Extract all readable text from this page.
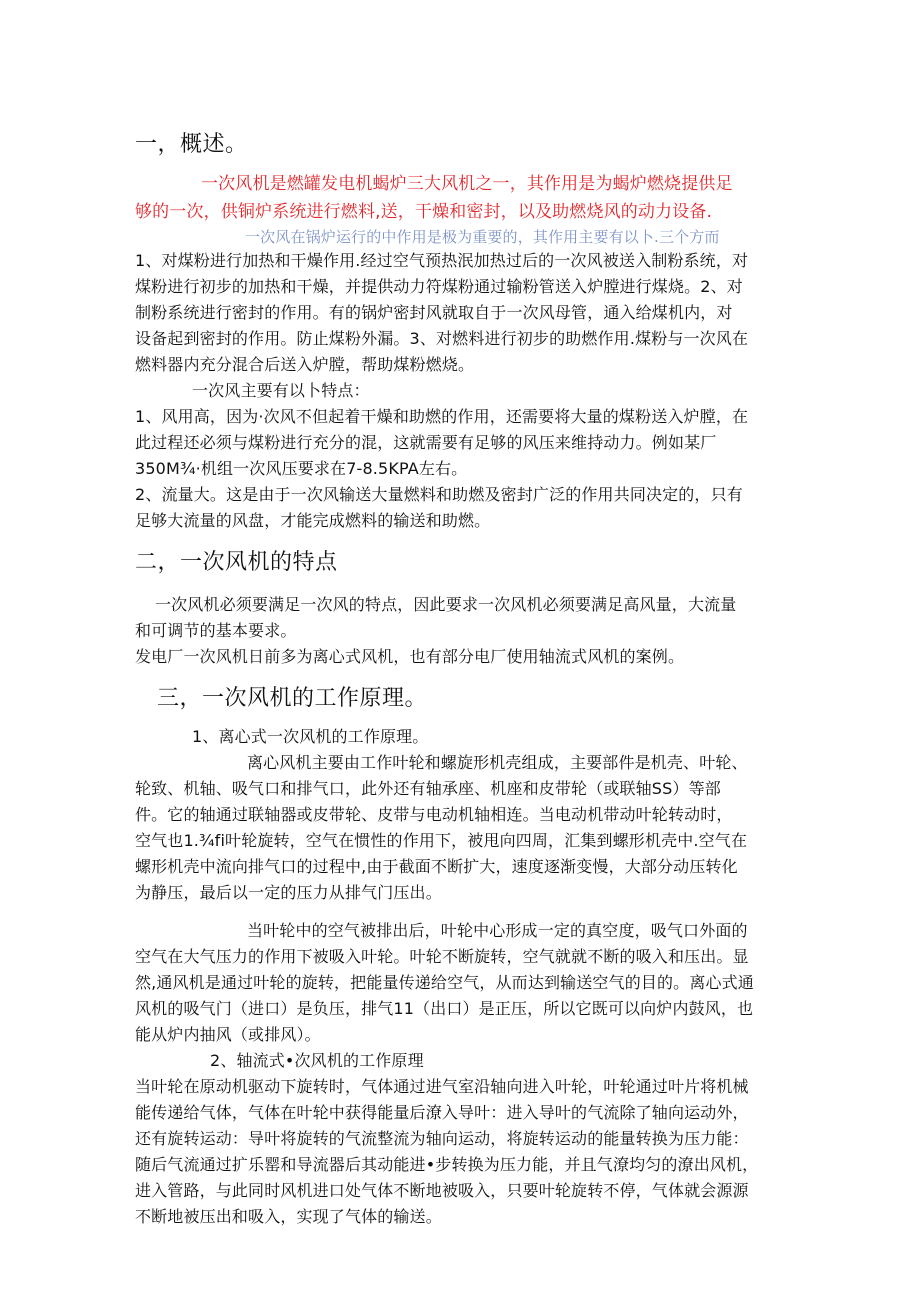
一，概述。
一次风机是燃罐发电机蝎炉三大风机之一，其作用是为蝎炉燃烧提供足
够的一次，供铜炉系统进行燃料,送，干燥和密封，以及助燃烧风的动力设备.
一次风在锅炉运行的中作用是极为重要的，其作用主要有以卜.三个方而
1、对煤粉进行加热和干燥作用.经过空气预热泯加热过后的一次风被送入制粉系统，对
煤粉进行初步的加热和干燥，并提供动力符煤粉通过输粉管送入炉膛进行煤烧。2、对
制粉系统进行密封的作用。有的锅炉密封风就取自于一次风母管，通入给煤机内，对
设备起到密封的作用。防止煤粉外漏。3、对燃料进行初步的助燃作用.煤粉与一次风在
燃料器内充分混合后送入炉膛，帮助煤粉燃烧。
一次风主要有以卜特点：
1、风用高，因为·次风不但起着干燥和助燃的作用，还需要将大量的煤粉送入炉膛，在
此过程还必须与煤粉进行充分的混，这就需要有足够的风压来维持动力。例如某厂
350M¾·机组一次风压要求在7-8.5KPA左右。
2、流量大。这是由于一次风输送大量燃料和助燃及密封广泛的作用共同决定的，只有
足够大流量的风盘，才能完成燃料的输送和助燃。
二，一次风机的特点
一次风机必须要满足一次风的特点，因此要求一次风机必须要满足高风量，大流量
和可调节的基本要求。
发电厂一次风机日前多为离心式风机，也有部分电厂使用轴流式风机的案例。
三，一次风机的工作原理。
1、离心式一次风机的工作原理。
离心风机主要由工作叶轮和螺旋形机壳组成，主要部件是机壳、叶轮、
轮致、机轴、吸气口和排气口，此外还有轴承座、机座和皮带轮（或联轴SS）等部
件。它的轴通过联轴器或皮带轮、皮带与电动机轴相连。当电动机带动叶轮转动时，
空气也1.¾fi叶轮旋转，空气在惯性的作用下，被甩向四周，汇集到螺形机壳中.空气在
螺形机壳中流向排气口的过程中,由于截面不断扩大，速度逐渐变慢，大部分动压转化
为静压，最后以一定的压力从排气门压出。
当叶轮中的空气被排出后，叶轮中心形成一定的真空度，吸气口外面的
空气在大气压力的作用下被吸入叶轮。叶轮不断旋转，空气就就不断的吸入和压出。显
然,通风机是通过叶轮的旋转，把能量传递给空气，从而达到输送空气的目的。离心式通
风机的吸气门（进口）是负压，排气11（出口）是正压，所以它既可以向炉内鼓风，也
能从炉内抽风（或排风）。
2、轴流式•次风机的工作原理
当叶轮在原动机驱动下旋转时，气体通过进气室沿轴向进入叶轮，叶轮通过叶片将机械
能传递给气体，气体在叶轮中获得能量后潦入导叶：进入导叶的气流除了轴向运动外，
还有旋转运动：导叶将旋转的气流整流为轴向运动，将旋转运动的能量转换为压力能：
随后气流通过扩乐罂和导流器后其动能进•步转换为压力能，并且气潦均匀的潦出风机，
进入管路，与此同时风机进口处气体不断地被吸入，只要叶轮旋转不停，气体就会源源
不断地被压出和吸入，实现了气体的输送。
